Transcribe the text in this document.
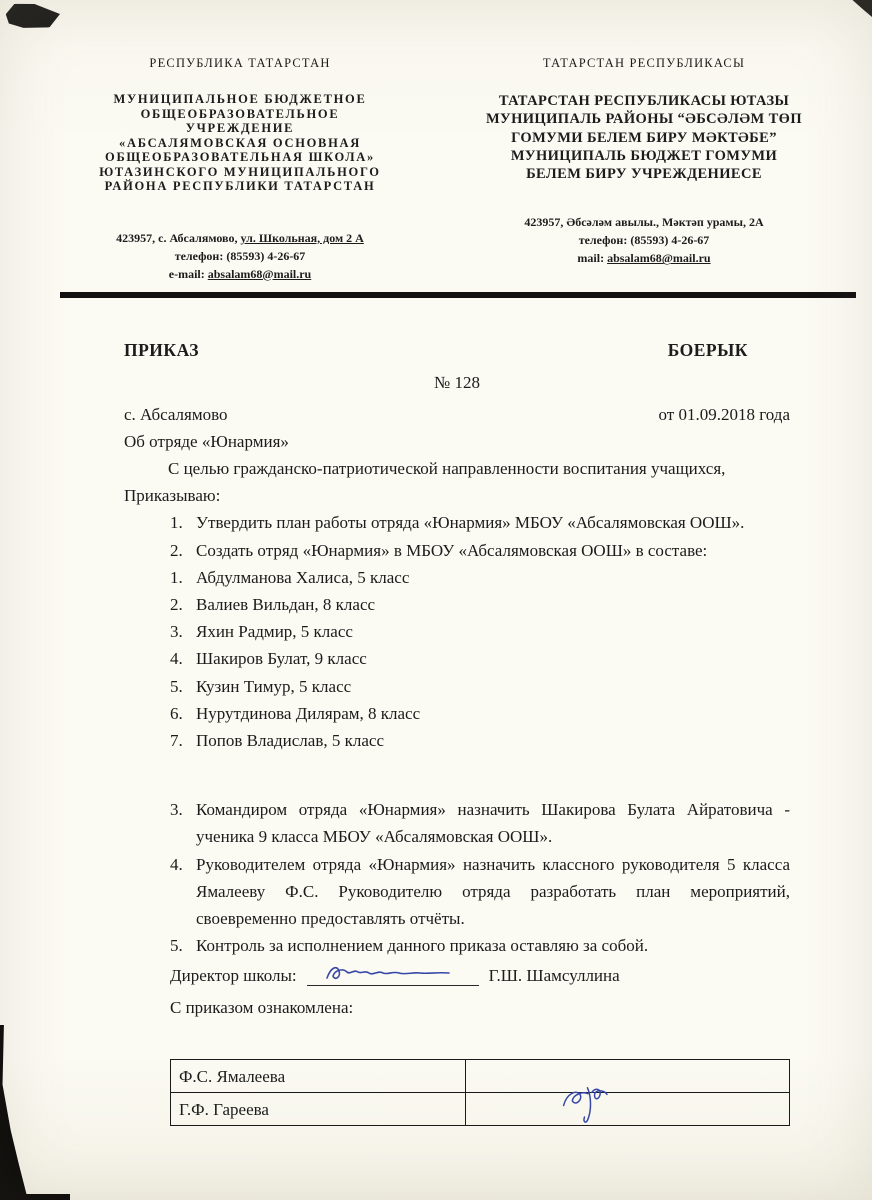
РЕСПУБЛИКА ТАТАРСТАН
МУНИЦИПАЛЬНОЕ БЮДЖЕТНОЕ
ОБЩЕОБРАЗОВАТЕЛЬНОЕ
УЧРЕЖДЕНИЕ
«АБСАЛЯМОВСКАЯ ОСНОВНАЯ
ОБЩЕОБРАЗОВАТЕЛЬНАЯ ШКОЛА»
ЮТАЗИНСКОГО МУНИЦИПАЛЬНОГО
РАЙОНА РЕСПУБЛИКИ ТАТАРСТАН
423957, с. Абсалямово, ул. Школьная, дом 2 А
телефон: (85593) 4-26-67
e-mail: absalam68@mail.ru
ТАТАРСТАН РЕСПУБЛИКАСЫ
ТАТАРСТАН РЕСПУБЛИКАСЫ ЮТАЗЫ
МУНИЦИПАЛЬ РАЙОНЫ “ӘБСӘЛӘМ ТӨП
ГОМУМИ БЕЛЕМ БИРУ МӘКТӘБЕ”
МУНИЦИПАЛЬ БЮДЖЕТ ГОМУМИ
БЕЛЕМ БИРУ УЧРЕЖДЕНИЕСЕ
423957, Әбсәләм авылы., Мәктәп урамы, 2А
телефон: (85593) 4-26-67
mail: absalam68@mail.ru
ПРИКАЗ	БОЕРЫК
№ 128
с. Абсалямово	от 01.09.2018 года
Об отряде «Юнармия»

С целью гражданско-патриотической направленности воспитания учащихся,

Приказываю:
1. Утвердить план работы отряда «Юнармия» МБОУ «Абсалямовская ООШ».
2. Создать отряд «Юнармия» в МБОУ «Абсалямовская ООШ» в составе:
1. Абдулманова Халиса, 5 класс
2. Валиев Вильдан, 8 класс
3. Яхин Радмир, 5 класс
4. Шакиров Булат, 9 класс
5. Кузин Тимур, 5 класс
6. Нурутдинова Дилярам, 8 класс
7. Попов Владислав, 5 класс
3. Командиром отряда «Юнармия» назначить Шакирова Булата Айратовича - ученика 9 класса МБОУ «Абсалямовская ООШ».
4. Руководителем отряда «Юнармия» назначить классного руководителя 5 класса Ямалееву Ф.С. Руководителю отряда разработать план мероприятий, своевременно предоставлять отчёты.
5. Контроль за исполнением данного приказа оставляю за собой.
Директор школы:	Г.Ш. Шамсуллина
С приказом ознакомлена:
Ф.С. Ямалеева	
Г.Ф. Гареева	
